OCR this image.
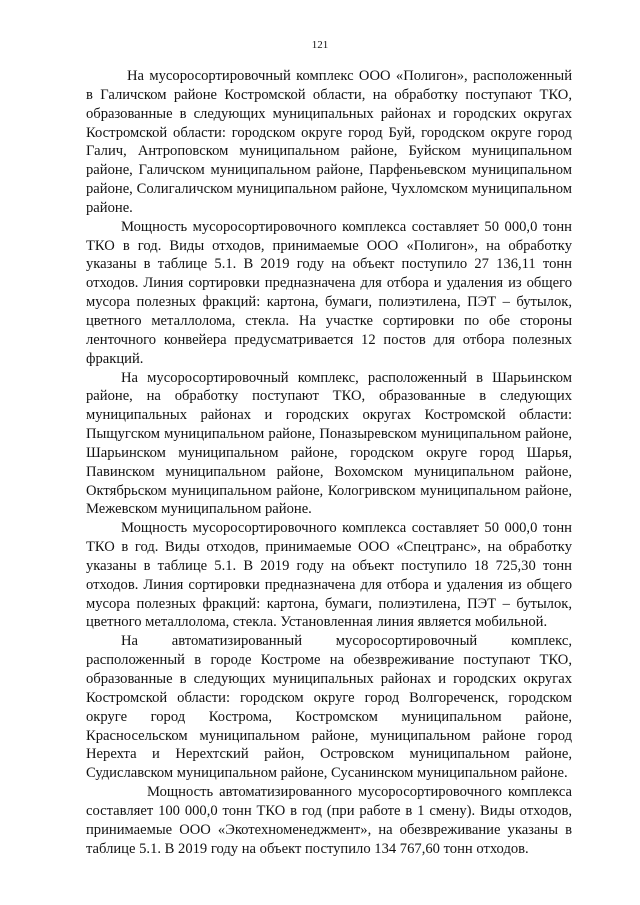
121

На мусоросортировочный комплекс ООО «Полигон», расположенный в Галичском районе Костромской области, на обработку поступают ТКО, образованные в следующих муниципальных районах и городских округах Костромской области: городском округе город Буй, городском округе город Галич, Антроповском муниципальном районе, Буйском муниципальном районе, Галичском муниципальном районе, Парфеньевском муниципальном районе, Солигаличском муниципальном районе, Чухломском муниципальном районе.

Мощность мусоросортировочного комплекса составляет 50 000,0 тонн ТКО в год. Виды отходов, принимаемые ООО «Полигон», на обработку указаны в таблице 5.1. В 2019 году на объект поступило 27 136,11 тонн отходов. Линия сортировки предназначена для отбора и удаления из общего мусора полезных фракций: картона, бумаги, полиэтилена, ПЭТ – бутылок, цветного металлолома, стекла. На участке сортировки по обе стороны ленточного конвейера предусматривается 12 постов для отбора полезных фракций.

На мусоросортировочный комплекс, расположенный в Шарьинском районе, на обработку поступают ТКО, образованные в следующих муниципальных районах и городских округах Костромской области: Пыщугском муниципальном районе, Поназыревском муниципальном районе, Шарьинском муниципальном районе, городском округе город Шарья, Павинском муниципальном районе, Вохомском муниципальном районе, Октябрьском муниципальном районе, Кологривском муниципальном районе, Межевском муниципальном районе.

Мощность мусоросортировочного комплекса составляет 50 000,0 тонн ТКО в год. Виды отходов, принимаемые ООО «Спецтранс», на обработку указаны в таблице 5.1. В 2019 году на объект поступило 18 725,30 тонн отходов. Линия сортировки предназначена для отбора и удаления из общего мусора полезных фракций: картона, бумаги, полиэтилена, ПЭТ – бутылок, цветного металлолома, стекла. Установленная линия является мобильной.

На автоматизированный мусоросортировочный комплекс, расположенный в городе Костроме на обезвреживание поступают ТКО, образованные в следующих муниципальных районах и городских округах Костромской области: городском округе город Волгореченск, городском округе город Кострома, Костромском муниципальном районе, Красносельском муниципальном районе, муниципальном районе город Нерехта и Нерехтский район, Островском муниципальном районе, Судиславском муниципальном районе, Сусанинском муниципальном районе.

Мощность автоматизированного мусоросортировочного комплекса составляет 100 000,0 тонн ТКО в год (при работе в 1 смену). Виды отходов, принимаемые ООО «Экотехноменеджмент», на обезвреживание указаны в таблице 5.1. В 2019 году на объект поступило 134 767,60 тонн отходов.
